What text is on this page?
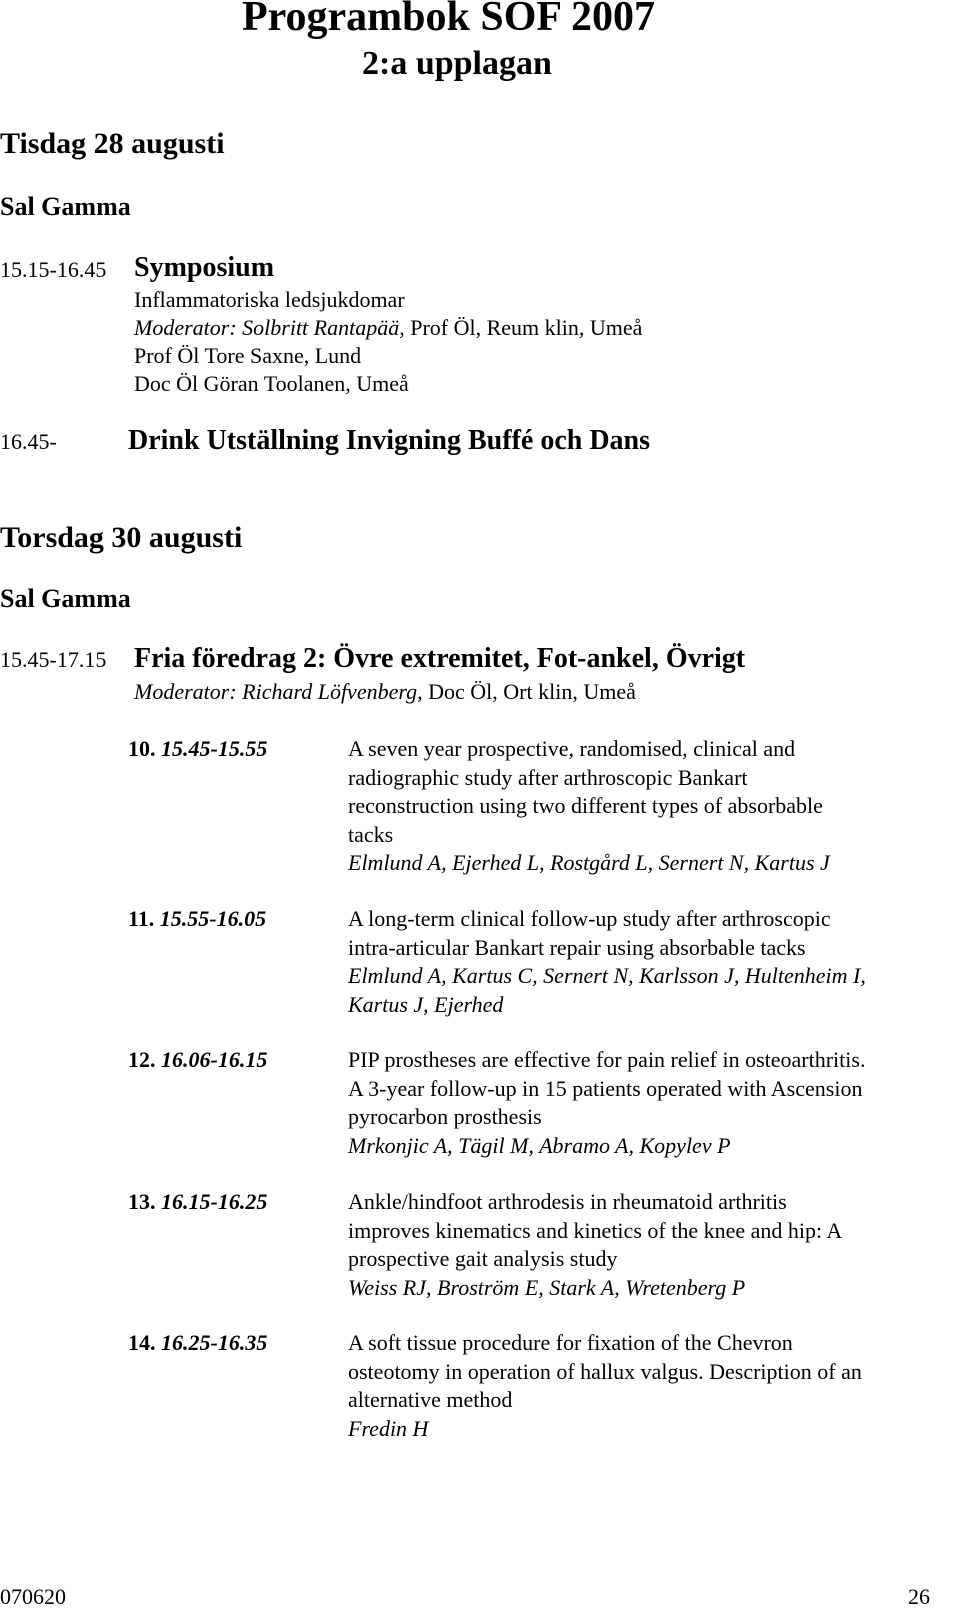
Programbok SOF 2007
2:a upplagan
Tisdag 28 augusti
Sal Gamma
15.15-16.45 Symposium
Inflammatoriska ledsjukdomar
Moderator: Solbritt Rantapää, Prof Öl, Reum klin, Umeå
Prof Öl Tore Saxne, Lund
Doc Öl Göran Toolanen, Umeå
16.45-	Drink Utställning Invigning Buffé och Dans
Torsdag 30 augusti
Sal Gamma
15.45-17.15 Fria föredrag 2: Övre extremitet, Fot-ankel, Övrigt
Moderator: Richard Löfvenberg, Doc Öl, Ort klin, Umeå
10. 15.45-15.55	A seven year prospective, randomised, clinical and
radiographic study after arthroscopic Bankart
reconstruction using two different types of absorbable
tacks
Elmlund A, Ejerhed L, Rostgård L, Sernert N, Kartus J
11. 15.55-16.05	A long-term clinical follow-up study after arthroscopic
intra-articular Bankart repair using absorbable tacks
Elmlund A, Kartus C, Sernert N, Karlsson J, Hultenheim I,
Kartus J, Ejerhed
12. 16.06-16.15	PIP prostheses are effective for pain relief in osteoarthritis.
A 3-year follow-up in 15 patients operated with Ascension
pyrocarbon prosthesis
Mrkonjic A, Tägil M, Abramo A, Kopylev P
13. 16.15-16.25	Ankle/hindfoot arthrodesis in rheumatoid arthritis
improves kinematics and kinetics of the knee and hip: A
prospective gait analysis study
Weiss RJ, Broström E, Stark A, Wretenberg P
14. 16.25-16.35	A soft tissue procedure for fixation of the Chevron
osteotomy in operation of hallux valgus. Description of an
alternative method
Fredin H
070620	26
